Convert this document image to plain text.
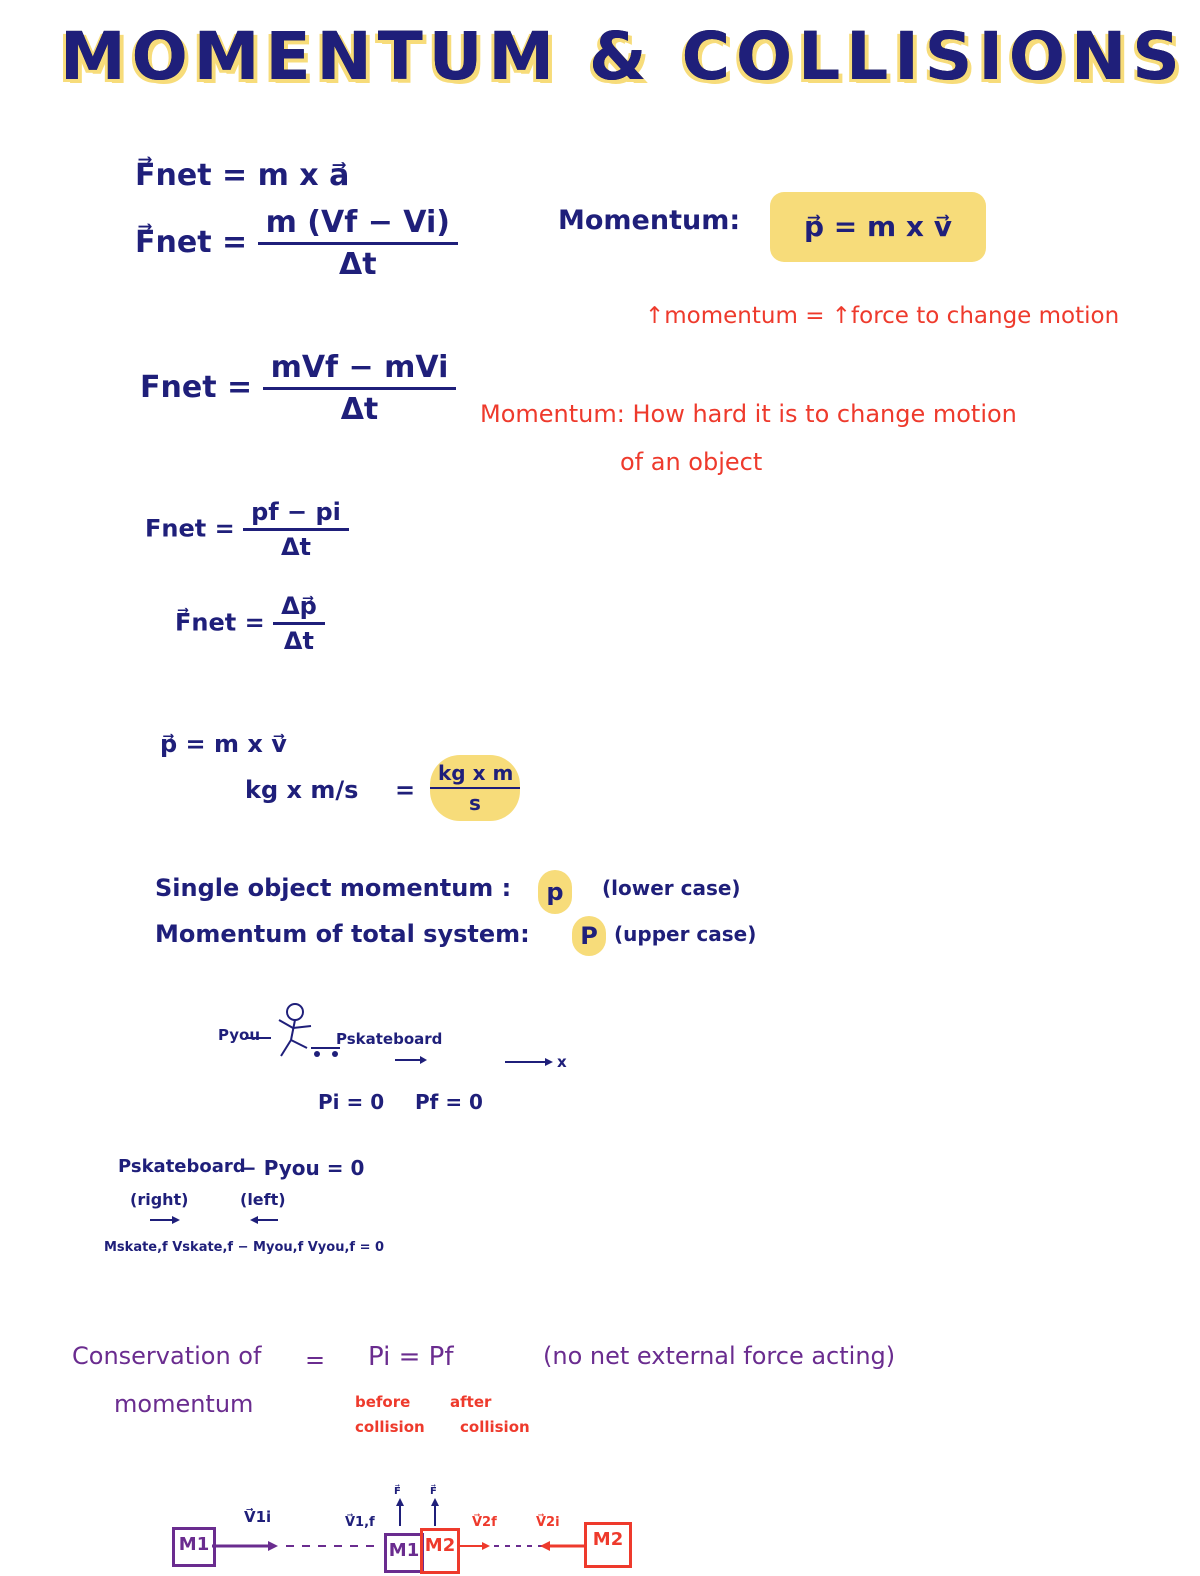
MOMENTUM & COLLISIONS
F⃗net = m x a⃗
F⃗net = $\frac{m (Vf - Vi)}{\Delta t}$	Momentum:	p⃗ = m x v⃗
↑momentum = ↑force to change motion
Momentum: How hard it is to change motion
of an object
Fnet = $\frac{\text{mVf − mVi}}{\Delta t}$
Fnet = $\frac{pf - pi}{\Delta t}$
F⃗net = $\frac{\Delta p⃗}{\Delta t}$
p⃗ = m x v⃗
kg x $m/s = \frac{\text{kg x m}}{s}$
Single object momentum :	p	(lower case)
Momentum of total system:	P (upper case)
Pyou	Pskateboard
x
Pi = 0 Pf = 0
Pskateboard
− Pyou = 0
(right)	(left)
Mskate,f Vskate,f − Myou,f Vyou,f = 0
Conservation of
momentum
= Pi = Pf	(no net external force acting)
before
collision
after
collision
M1
V⃗1i	V⃗1,f
M1 M2
F⃗	F⃗
V⃗2f	V⃗2i
M2
